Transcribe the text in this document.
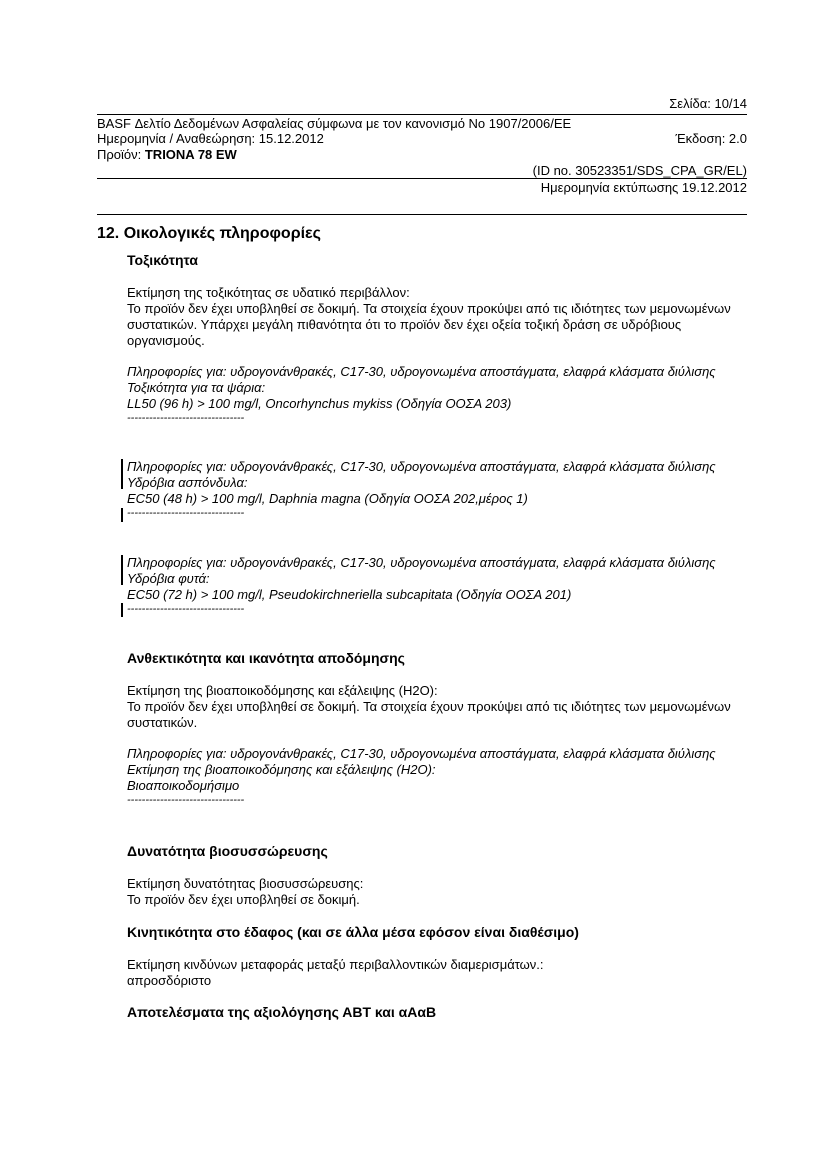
Σελίδα: 10/14
BASF Δελτίο Δεδομένων Ασφαλείας σύμφωνα με τον κανονισμό Νο 1907/2006/ΕΕ
Ημερομηνία / Αναθεώρηση: 15.12.2012	Έκδοση: 2.0
Προϊόν: TRIONA 78 EW
(ID no. 30523351/SDS_CPA_GR/EL)
Ημερομηνία εκτύπωσης 19.12.2012
12. Οικολογικές πληροφορίες
Τοξικότητα

Εκτίμηση της τοξικότητας σε υδατικό περιβάλλον:

Το προϊόν δεν έχει υποβληθεί σε δοκιμή. Τα στοιχεία έχουν προκύψει από τις ιδιότητες των μεμονωμένων συστατικών. Υπάρχει μεγάλη πιθανότητα ότι το προϊόν δεν έχει οξεία τοξική δράση σε υδρόβιους οργανισμούς.

Πληροφορίες για: υδρογονάνθρακές, C17-30, υδρογονωμένα αποστάγματα, ελαφρά κλάσματα διύλισης

Τοξικότητα για τα ψάρια:

LL50 (96 h) > 100 mg/l, Oncorhynchus mykiss (Οδηγία ΟΟΣΑ 203)

--------------------------------

Πληροφορίες για: υδρογονάνθρακές, C17-30, υδρογονωμένα αποστάγματα, ελαφρά κλάσματα διύλισης

Υδρόβια ασπόνδυλα:

EC50 (48 h) > 100 mg/l, Daphnia magna (Οδηγία ΟΟΣΑ 202,μέρος 1)

--------------------------------

Πληροφορίες για: υδρογονάνθρακές, C17-30, υδρογονωμένα αποστάγματα, ελαφρά κλάσματα διύλισης

Υδρόβια φυτά:

EC50 (72 h) > 100 mg/l, Pseudokirchneriella subcapitata (Οδηγία ΟΟΣΑ 201)

--------------------------------

Ανθεκτικότητα και ικανότητα αποδόμησης

Εκτίμηση της βιοαποικοδόμησης και εξάλειψης (H2O):

Το προϊόν δεν έχει υποβληθεί σε δοκιμή. Τα στοιχεία έχουν προκύψει από τις ιδιότητες των μεμονωμένων συστατικών.

Πληροφορίες για: υδρογονάνθρακές, C17-30, υδρογονωμένα αποστάγματα, ελαφρά κλάσματα διύλισης

Εκτίμηση της βιοαποικοδόμησης και εξάλειψης (H2O):

Βιοαποικοδομήσιμο

--------------------------------

Δυνατότητα βιοσυσσώρευσης

Εκτίμηση δυνατότητας βιοσυσσώρευσης:

Το προϊόν δεν έχει υποβληθεί σε δοκιμή.

Κινητικότητα στο έδαφος (και σε άλλα μέσα εφόσον είναι διαθέσιμο)

Εκτίμηση κινδύνων μεταφοράς μεταξύ περιβαλλοντικών διαμερισμάτων.:

απροσδόριστο

Αποτελέσματα της αξιολόγησης ΑΒΤ και αΑαΒ
